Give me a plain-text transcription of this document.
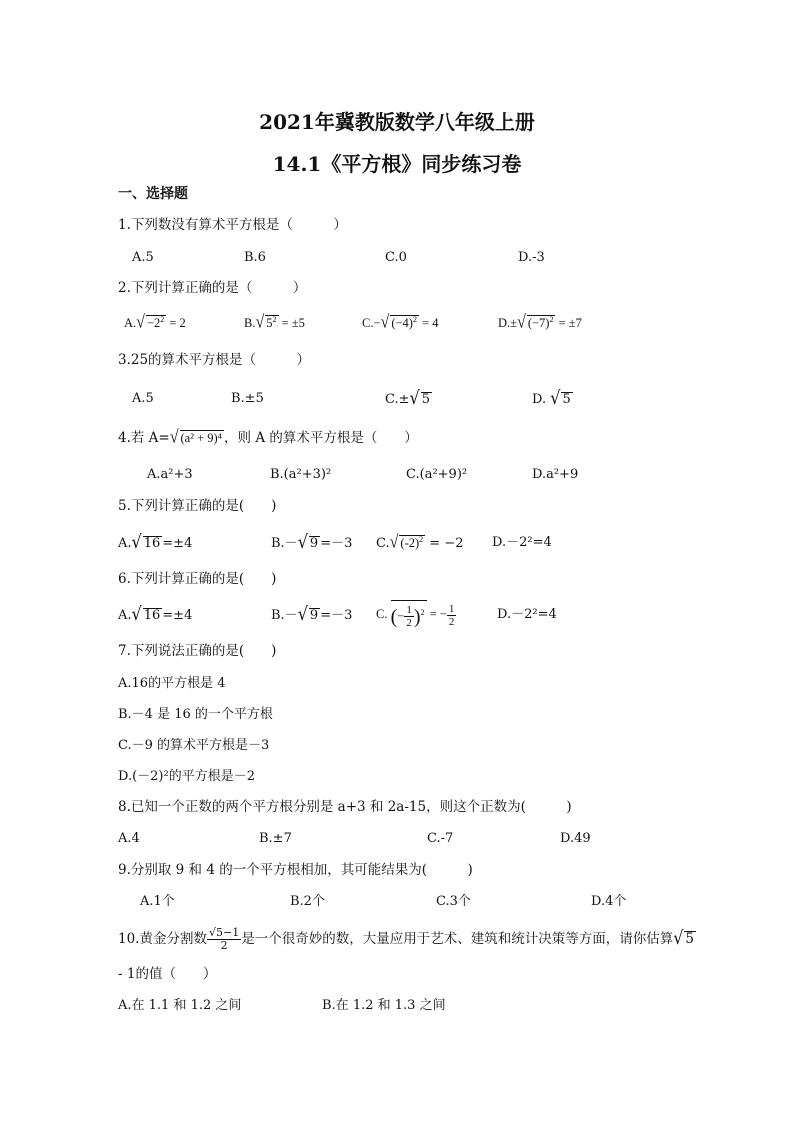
2021年冀教版数学八年级上册
14.1《平方根》同步练习卷
一、选择题
1.下列数没有算术平方根是（　　　）
A.5	B.6	C.0	D.-3
2.下列计算正确的是（　　　）
$A.√ -2^2 = 2$	B.√ $5^2 = \pm 5$	C.−√ $(-4)^2 = 4$	D.±√ $(-7)^2 = \pm 7$
3.25的算术平方根是（　　　）
A.5	B.±5	C.±√ 5	D. √ 5
4.若 A=√ (a² + 9)⁴ ，则 A 的算术平方根是（　　）
A.a²+3	B.(a²+3)²	C.(a²+9)²	D.a²+9
5.下列计算正确的是(　　)
A.√ 16 =±4	B.－√ 9 =－3 C.√ $(-2)^2 = -2$ D.－2²=4
6.下列计算正确的是(　　)
A.√ 16 =±4	B.－√ 9 =－3 C. (− $\frac{1}{2} )^2$ = − $\frac{1}{2}$	D.－2²=4
7.下列说法正确的是(　　)
A.16的平方根是 4
B.－4 是 16 的一个平方根
C.－9 的算术平方根是－3
D.(－2)²的平方根是－2
8.已知一个正数的两个平方根分别是 a+3 和 2a-15，则这个正数为(　　　)
A.4	B.±7	C.-7	D.49
9.分别取 9 和 4 的一个平方根相加，其可能结果为(　　　)
A.1个	B.2个	C.3个	D.4个
10.黄金分割数 $\frac{√5-1}{2}$ 是一个很奇妙的数，大量应用于艺术、建筑和统计决策等方面，请你估算√ 5
- 1的值（　　）
A.在 1.1 和 1.2 之间	B.在 1.2 和 1.3 之间
